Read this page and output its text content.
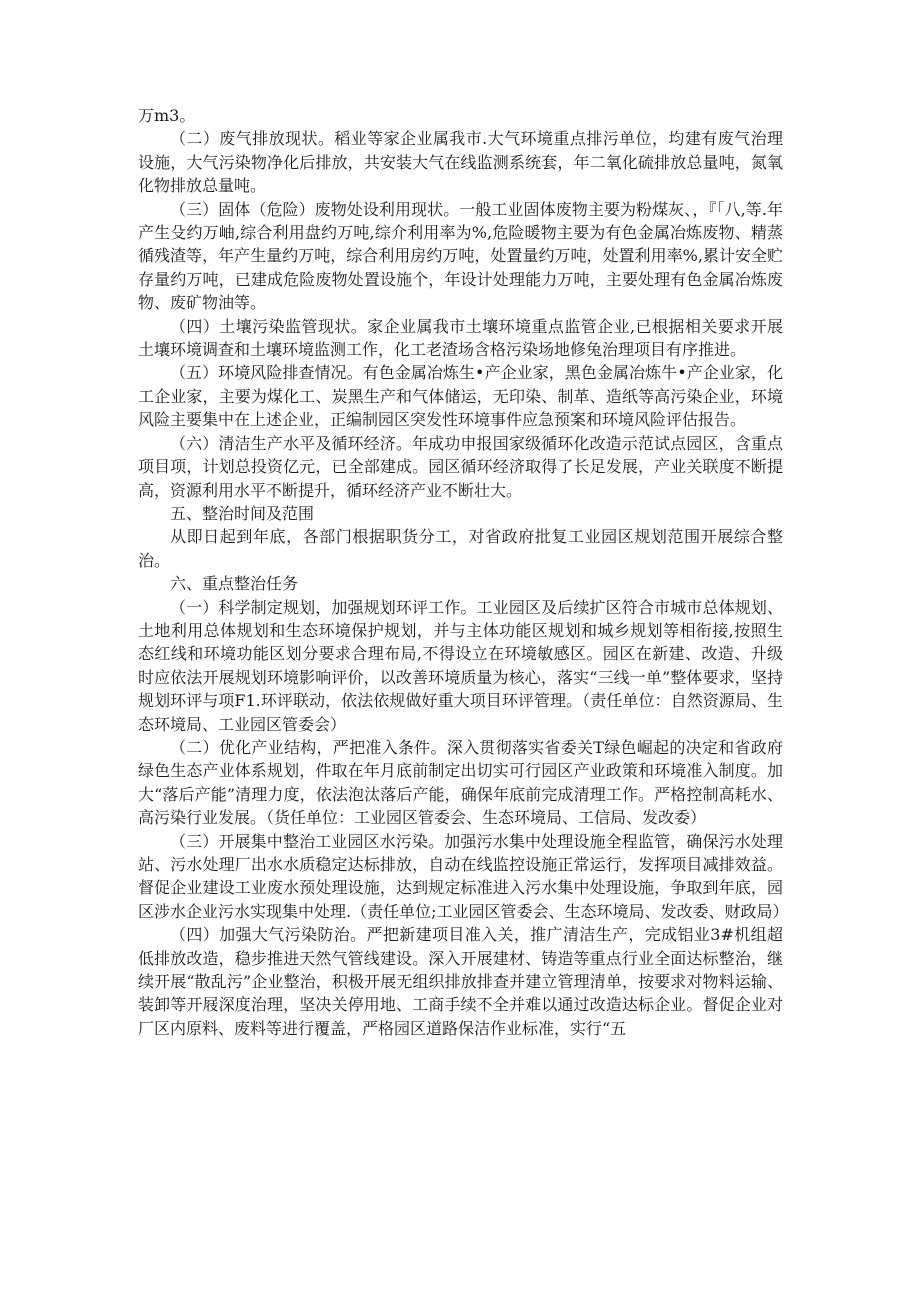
万m3。

（二）废气排放现状。稻业等家企业属我市.大气环境重点排污单位，均建有废气治理设施，大气污染物净化后排放，共安装大气在线监测系统套，年二氧化硫排放总量吨，氮氧化物排放总量吨。

（三）固体（危险）废物处设利用现状。一般工业固体废物主要为粉煤灰、，『「八,等.年产生殳约万岫,综合利用盘约万吨,综介利用率为%,危险暖物主要为有色金属冶炼废物、精蒸循残渣等，年产生量约万吨，综合利用房约万吨，处置量约万吨，处置利用率%,累计安全贮存量约万吨，已建成危险废物处置设施个，年设计处理能力万吨，主要处理有色金属冶炼废物、废矿物油等。

（四）土壤污染监管现状。家企业属我市土壤环境重点监管企业,已根据相关要求开展土壤环境调查和土壤环境监测工作，化工老渣场含格污染场地修兔治理项目有序推进。

（五）环境风险排查情况。有色金属冶炼生•产企业家，黑色金属冶炼牛•产企业家，化工企业家，主要为煤化工、炭黑生产和气体储运，无印染、制革、造纸等高污染企业，环境风险主要集中在上述企业，正编制园区突发性环境事件应急预案和环境风险评估报告。

（六）清洁生产水平及循环经济。年成功申报国家级循环化改造示范试点园区，含重点项目项，计划总投资亿元，已全部建成。园区循环经济取得了长足发展，产业关联度不断提高，资源利用水平不断提升，循环经济产业不断壮大。

五、整治时间及范围

从即日起到年底，各部门根据职货分工，对省政府批复工业园区规划范围开展综合整治。

六、重点整治任务

（一）科学制定规划，加强规划环评工作。工业园区及后续扩区符合市城市总体规划、土地利用总体规划和生态环境保护规划，并与主体功能区规划和城乡规划等相衔接,按照生态红线和环境功能区划分要求合理布局,不得设立在环境敏感区。园区在新建、改造、升级时应依法开展规划环境影响评价，以改善环境质量为核心，落实“三线一单”整体要求，坚持规划环评与项F1.环评联动，依法依规做好重大项目环评管理。（责任单位：自然资源局、生态环境局、工业园区管委会）

（二）优化产业结构，严把准入条件。深入贯彻落实省委关T绿色崛起的决定和省政府绿色生态产业体系规划，件取在年月底前制定出切实可行园区产业政策和环境准入制度。加大“落后产能”清理力度，依法泡汰落后产能，确保年底前完成清理工作。严格控制高耗水、高污染行业发展。（货任单位：工业园区管委会、生态环境局、工信局、发改委）

（三）开展集中整治工业园区水污染。加强污水集中处理设施全程监管，确保污水处理站、污水处理厂出水水质稳定达标排放，自动在线监控设施正常运行，发挥项目减排效益。督促企业建设工业废水预处理设施，达到规定标准进入污水集中处理设施，争取到年底，园区涉水企业污水实现集中处理.（责任单位;工业园区管委会、生态环境局、发改委、财政局）

（四）加强大气污染防治。严把新建项目准入关，推广清洁生产，完成铝业3#机组超低排放改造，稳步推进天然气管线建设。深入开展建材、铸造等重点行业全面达标整治，继续开展“散乱污”企业整治，积极开展无组织排放排查并建立管理清单，按要求对物料运输、装卸等开屐深度治理，坚决关停用地、工商手续不全并难以通过改造达标企业。督促企业对厂区内原料、废料等进行覆盖，严格园区道路保洁作业标准，实行“五
